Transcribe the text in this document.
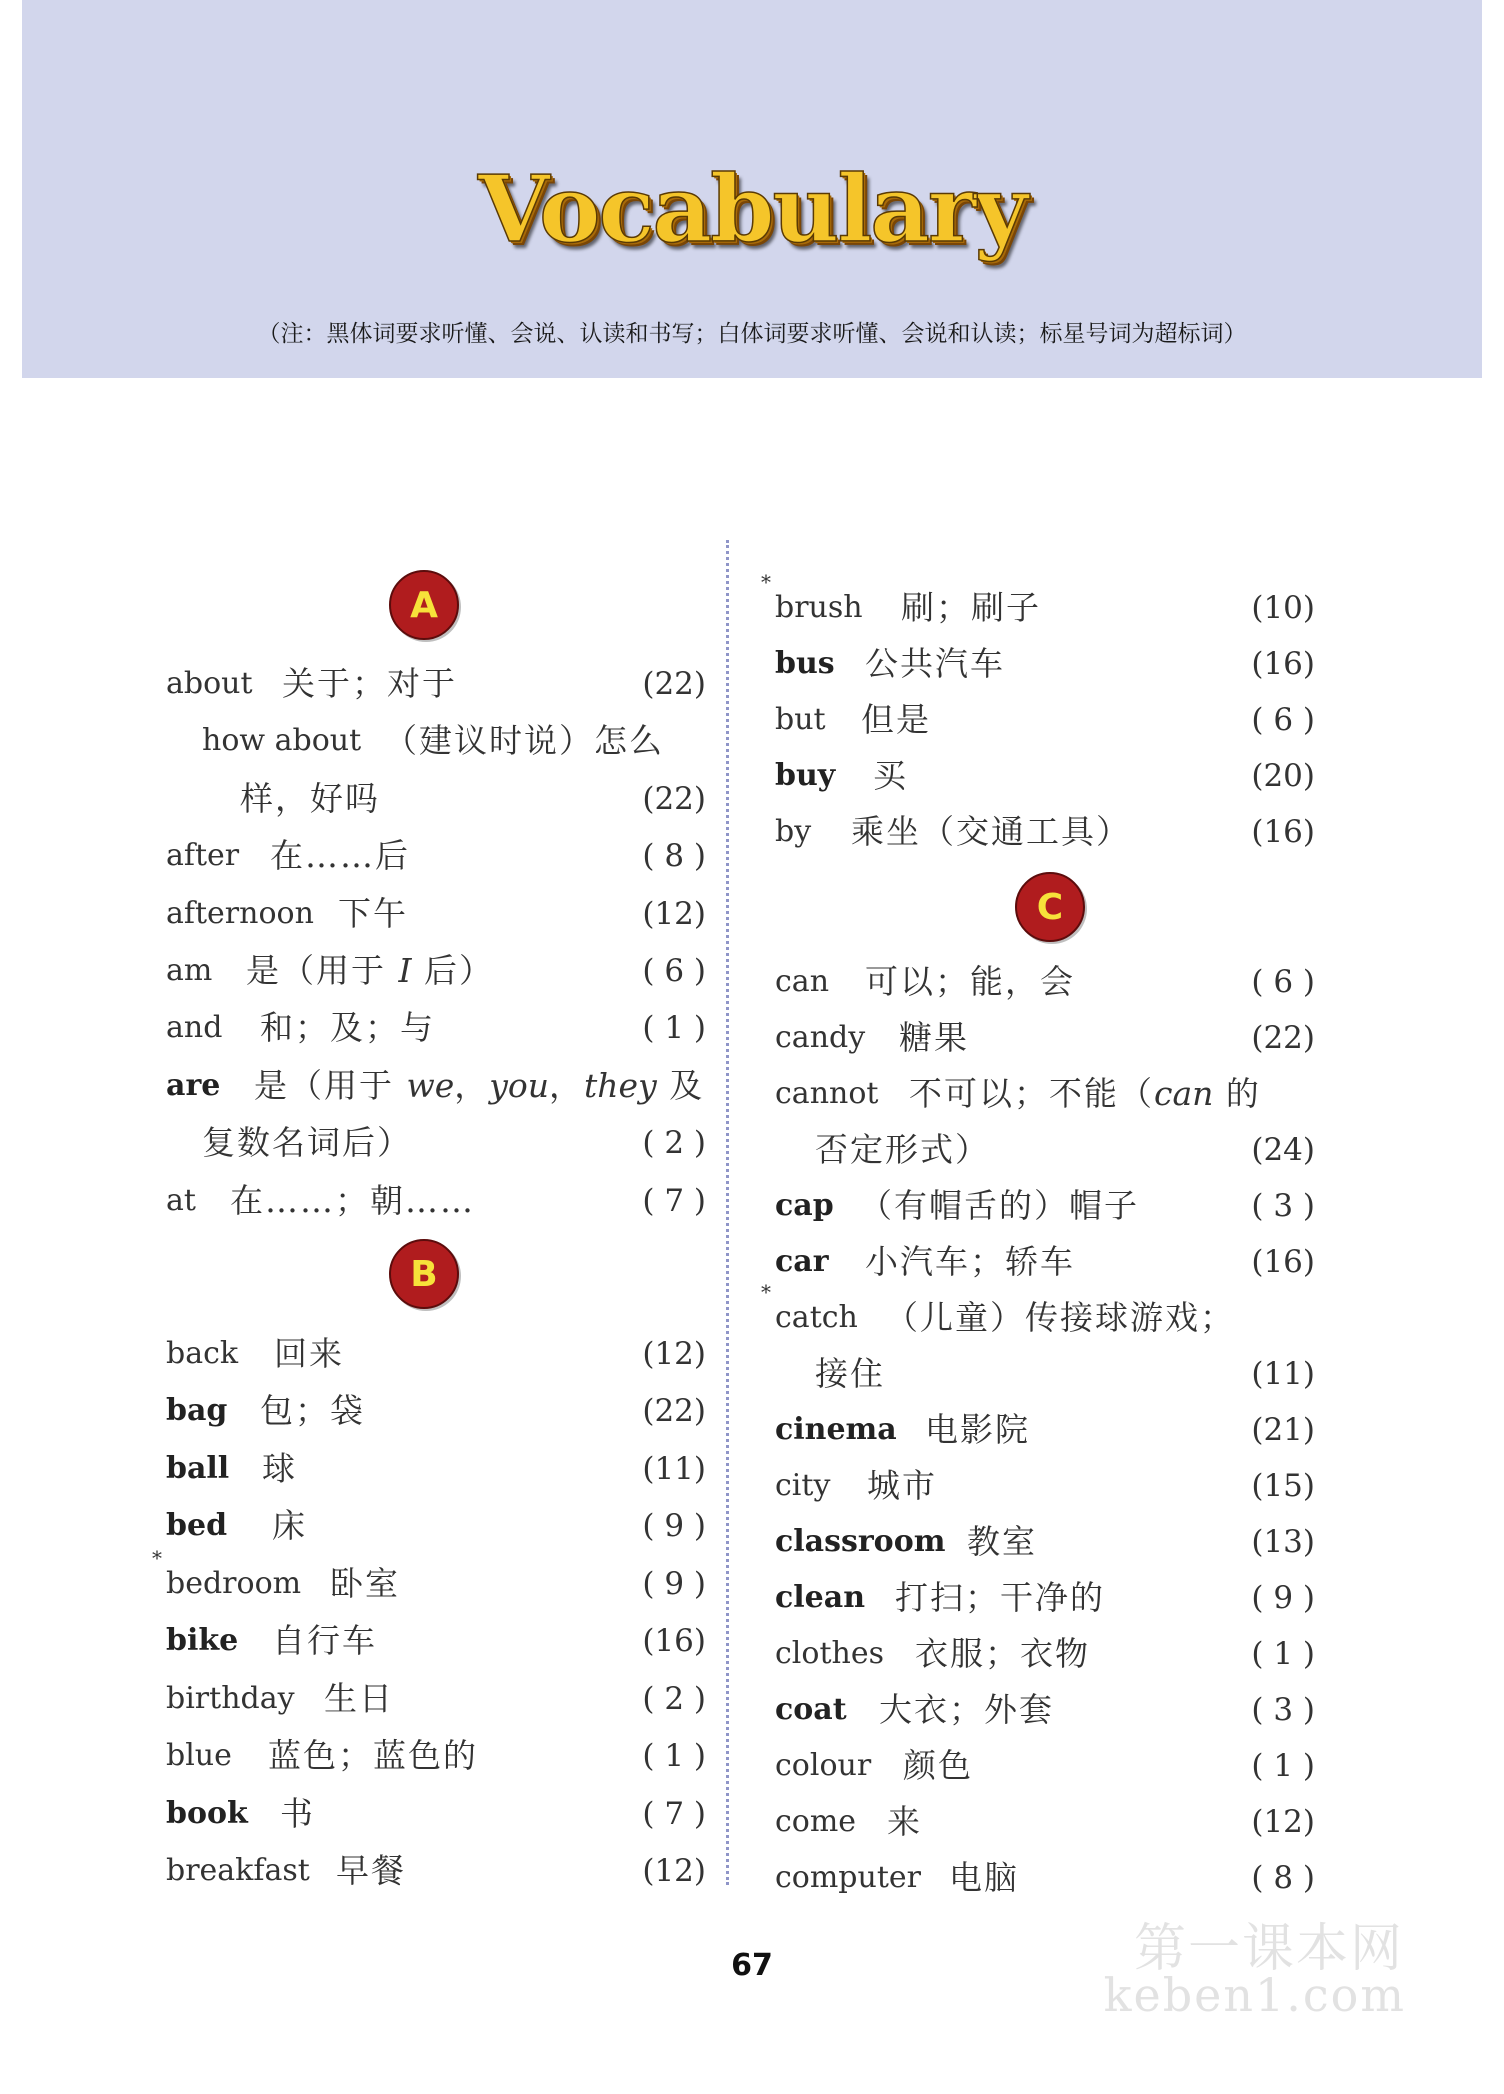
Vocabulary
（注：黑体词要求听懂、会说、认读和书写；白体词要求听懂、会说和认读；标星号词为超标词）
A
about 关于；对于	(22)
how about （建议时说）怎么
样，好吗	(22)
after 在……后	( 8 )
afternoon 下午	(12)
am 是（用于 I 后）	( 6 )
and 和；及；与	( 1 )
are 是（用于 we，you，they 及
复数名词后）	( 2 )
at 在……；朝……	( 7 )
B
back 回来	(12)
bag 包；袋	(22)
ball 球	(11)
bed 床	( 9 )
*
bedroom 卧室	( 9 )
bike 自行车	(16)
birthday 生日	( 2 )
blue 蓝色；蓝色的	( 1 )
book 书	( 7 )
breakfast 早餐	(12)
*
brush 刷；刷子	(10)
bus 公共汽车	(16)
but 但是	( 6 )
buy 买	(20)
by 乘坐（交通工具）	(16)
C
can 可以；能，会	( 6 )
candy 糖果	(22)
cannot 不可以；不能（can 的
否定形式）	(24)
cap （有帽舌的）帽子	( 3 )
car 小汽车；轿车	(16)
*
catch （儿童）传接球游戏；
接住	(11)
cinema 电影院	(21)
city 城市	(15)
classroom 教室	(13)
clean 打扫；干净的	( 9 )
clothes 衣服；衣物	( 1 )
coat 大衣；外套	( 3 )
colour 颜色	( 1 )
come 来	(12)
computer 电脑	( 8 )
67	第一课本网
keben1.com
